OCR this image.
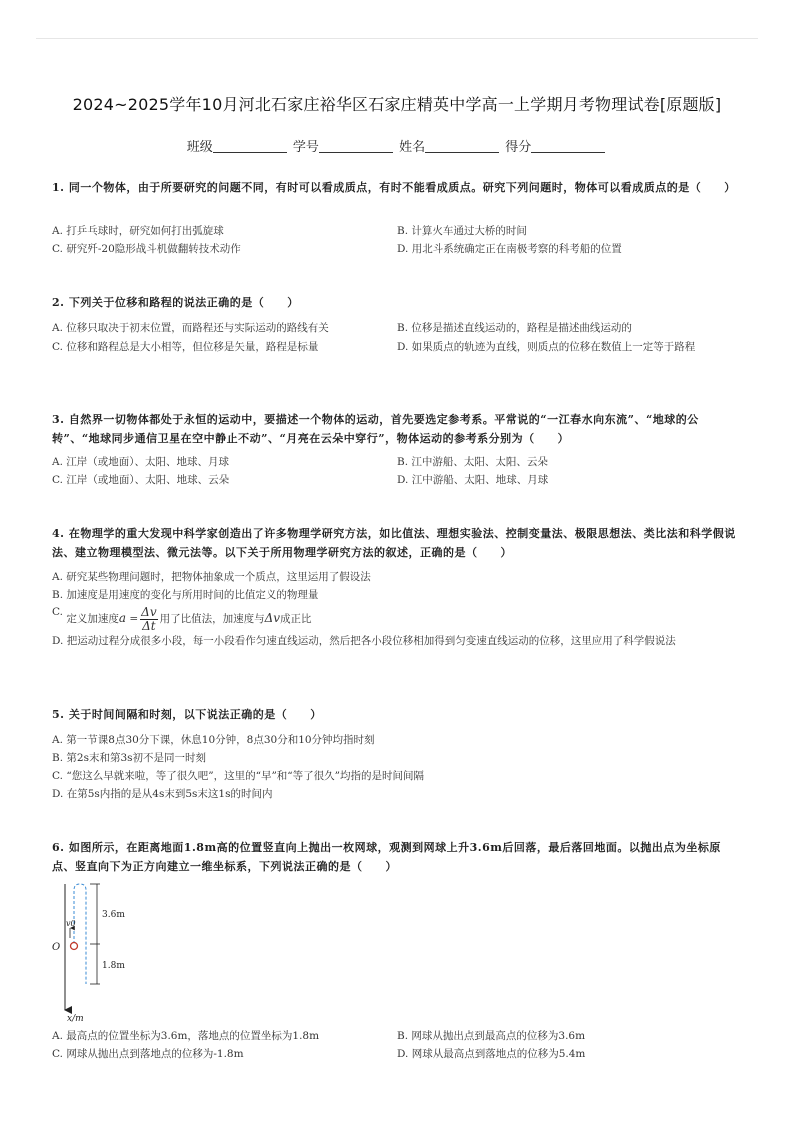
2024~2025学年10月河北石家庄裕华区石家庄精英中学高一上学期月考物理试卷[原题版]
班级	学号	姓名	得分
1. 同一个物体，由于所要研究的问题不同，有时可以看成质点，有时不能看成质点。研究下列问题时，物体可以看成质点的是（　　）
A. 打乒乓球时，研究如何打出弧旋球	B. 计算火车通过大桥的时间
C. 研究歼-20隐形战斗机做翻转技术动作	D. 用北斗系统确定正在南极考察的科考船的位置
2. 下列关于位移和路程的说法正确的是（　　）
A. 位移只取决于初末位置，而路程还与实际运动的路线有关	B. 位移是描述直线运动的，路程是描述曲线运动的
C. 位移和路程总是大小相等，但位移是矢量，路程是标量	D. 如果质点的轨迹为直线，则质点的位移在数值上一定等于路程
3. 自然界一切物体都处于永恒的运动中，要描述一个物体的运动，首先要选定参考系。平常说的“一江春水向东流”、“地球的公转”、“地球同步通信卫星在空中静止不动”、“月亮在云朵中穿行”，物体运动的参考系分别为（　　）
A. 江岸（或地面）、太阳、地球、月球	B. 江中游船、太阳、太阳、云朵
C. 江岸（或地面）、太阳、地球、云朵	D. 江中游船、太阳、地球、月球
4. 在物理学的重大发现中科学家创造出了许多物理学研究方法，如比值法、理想实验法、控制变量法、极限思想法、类比法和科学假说法、建立物理模型法、微元法等。以下关于所用物理学研究方法的叙述，正确的是（　　）
A. 研究某些物理问题时，把物体抽象成一个质点，这里运用了假设法
B. 加速度是用速度的变化与所用时间的比值定义的物理量
C. 定义加速度$a = \frac{\Delta v}{\Delta t}$ 用了比值法，加速度与Δv成正比
D. 把运动过程分成很多小段，每一小段看作匀速直线运动，然后把各小段位移相加得到匀变速直线运动的位移，这里应用了科学假说法
5. 关于时间间隔和时刻，以下说法正确的是（　　）
A. 第一节课8点30分下课，休息10分钟，8点30分和10分钟均指时刻
B. 第2s末和第3s初不是同一时刻
C. “您这么早就来啦，等了很久吧”，这里的“早”和“等了很久”均指的是时间间隔
D. 在第5s内指的是从4s末到5s末这1s的时间内
6. 如图所示，在距离地面1.8m高的位置竖直向上抛出一枚网球，观测到网球上升3.6m后回落，最后落回地面。以抛出点为坐标原点、竖直向下为正方向建立一维坐标系，下列说法正确的是（　　）
v0
O
3.6m
1.8m
x/m
A. 最高点的位置坐标为3.6m，落地点的位置坐标为1.8m	B. 网球从抛出点到最高点的位移为3.6m
C. 网球从抛出点到落地点的位移为-1.8m	D. 网球从最高点到落地点的位移为5.4m
